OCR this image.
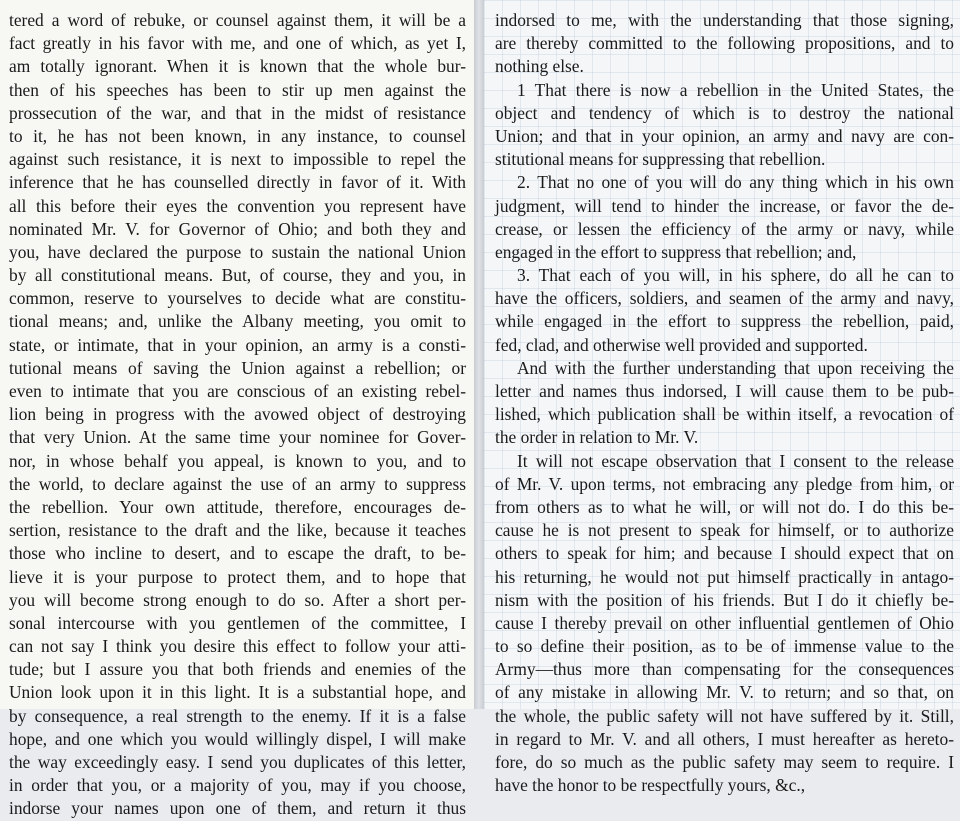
tered a word of rebuke, or counsel against them, it will be a
fact greatly in his favor with me, and one of which, as yet I,
am totally ignorant. When it is known that the whole bur-
then of his speeches has been to stir up men against the
prossecution of the war, and that in the midst of resistance
to it, he has not been known, in any instance, to counsel
against such resistance, it is next to impossible to repel the
inference that he has counselled directly in favor of it. With
all this before their eyes the convention you represent have
nominated Mr. V. for Governor of Ohio; and both they and
you, have declared the purpose to sustain the national Union
by all constitutional means. But, of course, they and you, in
common, reserve to yourselves to decide what are constitu-
tional means; and, unlike the Albany meeting, you omit to
state, or intimate, that in your opinion, an army is a consti-
tutional means of saving the Union against a rebellion; or
even to intimate that you are conscious of an existing rebel-
lion being in progress with the avowed object of destroying
that very Union. At the same time your nominee for Gover-
nor, in whose behalf you appeal, is known to you, and to
the world, to declare against the use of an army to suppress
the rebellion. Your own attitude, therefore, encourages de-
sertion, resistance to the draft and the like, because it teaches
those who incline to desert, and to escape the draft, to be-
lieve it is your purpose to protect them, and to hope that
you will become strong enough to do so. After a short per-
sonal intercourse with you gentlemen of the committee, I
can not say I think you desire this effect to follow your atti-
tude; but I assure you that both friends and enemies of the
Union look upon it in this light. It is a substantial hope, and
by consequence, a real strength to the enemy. If it is a false
hope, and one which you would willingly dispel, I will make
the way exceedingly easy. I send you duplicates of this letter,
in order that you, or a majority of you, may if you choose,
indorse your names upon one of them, and return it thus
indorsed to me, with the understanding that those signing,
are thereby committed to the following propositions, and to
nothing else.
1 That there is now a rebellion in the United States, the
object and tendency of which is to destroy the national
Union; and that in your opinion, an army and navy are con-
stitutional means for suppressing that rebellion.
2. That no one of you will do any thing which in his own
judgment, will tend to hinder the increase, or favor the de-
crease, or lessen the efficiency of the army or navy, while
engaged in the effort to suppress that rebellion; and,
3. That each of you will, in his sphere, do all he can to
have the officers, soldiers, and seamen of the army and navy,
while engaged in the effort to suppress the rebellion, paid,
fed, clad, and otherwise well provided and supported.
And with the further understanding that upon receiving the
letter and names thus indorsed, I will cause them to be pub-
lished, which publication shall be within itself, a revocation of
the order in relation to Mr. V.
It will not escape observation that I consent to the release
of Mr. V. upon terms, not embracing any pledge from him, or
from others as to what he will, or will not do. I do this be-
cause he is not present to speak for himself, or to authorize
others to speak for him; and because I should expect that on
his returning, he would not put himself practically in antago-
nism with the position of his friends. But I do it chiefly be-
cause I thereby prevail on other influential gentlemen of Ohio
to so define their position, as to be of immense value to the
Army—thus more than compensating for the consequences
of any mistake in allowing Mr. V. to return; and so that, on
the whole, the public safety will not have suffered by it. Still,
in regard to Mr. V. and all others, I must hereafter as hereto-
fore, do so much as the public safety may seem to require. I
have the honor to be respectfully yours, &c.,
